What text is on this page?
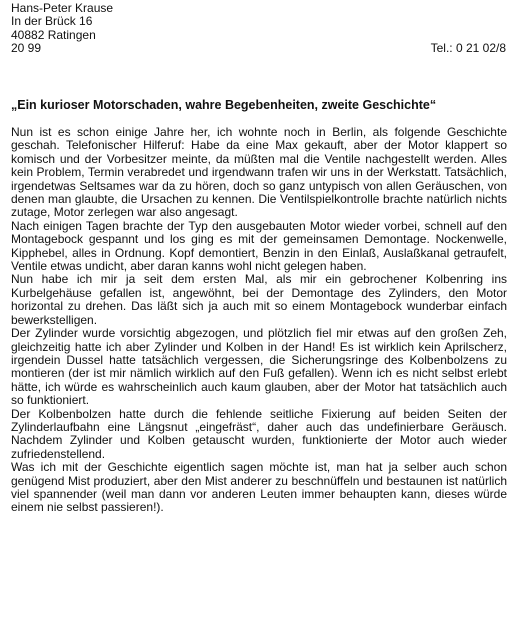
Hans-Peter Krause
In der Brück 16
40882 Ratingen
20 99	Tel.: 0 21 02/8
„Ein kurioser Motorschaden, wahre Begebenheiten, zweite Geschichte“

Nun ist es schon einige Jahre her, ich wohnte noch in Berlin, als folgende Geschichte geschah. Telefonischer Hilferuf: Habe da eine Max gekauft, aber der Motor klappert so komisch und der Vorbesitzer meinte, da müßten mal die Ventile nachgestellt werden. Alles kein Problem, Termin verabredet und irgendwann trafen wir uns in der Werkstatt. Tatsächlich, irgendetwas Seltsames war da zu hören, doch so ganz untypisch von allen Geräuschen, von denen man glaubte, die Ursachen zu kennen. Die Ventilspielkontrolle brachte natürlich nichts zutage, Motor zerlegen war also angesagt.

Nach einigen Tagen brachte der Typ den ausgebauten Motor wieder vorbei, schnell auf den Montagebock gespannt und los ging es mit der gemeinsamen Demontage. Nockenwelle, Kipphebel, alles in Ordnung. Kopf demontiert, Benzin in den Einlaß, Auslaßkanal getraufelt, Ventile etwas undicht, aber daran kanns wohl nicht gelegen haben.

Nun habe ich mir ja seit dem ersten Mal, als mir ein gebrochener Kolbenring ins Kurbelgehäuse gefallen ist, angewöhnt, bei der Demontage des Zylinders, den Motor horizontal zu drehen. Das läßt sich ja auch mit so einem Montagebock wunderbar einfach bewerkstelligen.

Der Zylinder wurde vorsichtig abgezogen, und plötzlich fiel mir etwas auf den großen Zeh, gleichzeitig hatte ich aber Zylinder und Kolben in der Hand! Es ist wirklich kein Aprilscherz, irgendein Dussel hatte tatsächlich vergessen, die Sicherungsringe des Kolbenbolzens zu montieren (der ist mir nämlich wirklich auf den Fuß gefallen). Wenn ich es nicht selbst erlebt hätte, ich würde es wahrscheinlich auch kaum glauben, aber der Motor hat tatsächlich auch so funktioniert.

Der Kolbenbolzen hatte durch die fehlende seitliche Fixierung auf beiden Seiten der Zylinderlaufbahn eine Längsnut „eingefräst“, daher auch das undefinierbare Geräusch. Nachdem Zylinder und Kolben getauscht wurden, funktionierte der Motor auch wieder zufriedenstellend.

Was ich mit der Geschichte eigentlich sagen möchte ist, man hat ja selber auch schon genügend Mist produziert, aber den Mist anderer zu beschnüffeln und bestaunen ist natürlich viel spannender (weil man dann vor anderen Leuten immer behaupten kann, dieses würde einem nie selbst passieren!).
